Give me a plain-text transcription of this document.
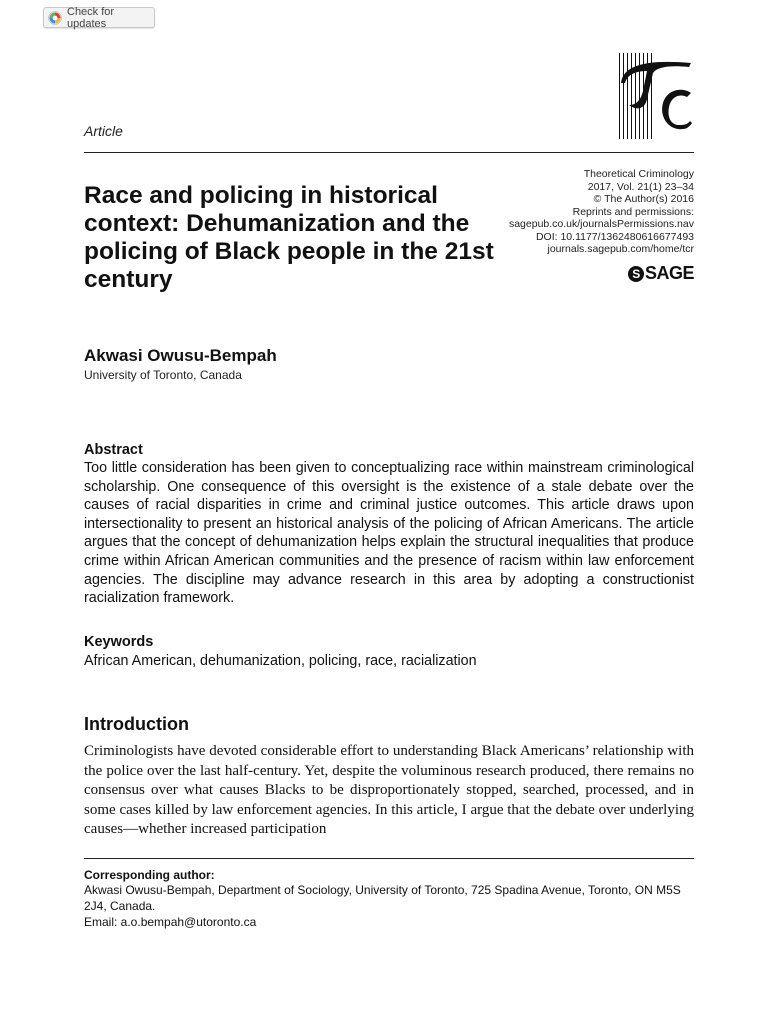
Check for updates
Article
Race and policing in historical context: Dehumanization and the policing of Black people in the 21st century
Theoretical Criminology
2017, Vol. 21(1) 23–34
© The Author(s) 2016
Reprints and permissions:
sagepub.co.uk/journalsPermissions.nav
DOI: 10.1177/1362480616677493
journals.sagepub.com/home/tcr
S SAGE
Akwasi Owusu-Bempah
University of Toronto, Canada
Abstract

Too little consideration has been given to conceptualizing race within mainstream criminological scholarship. One consequence of this oversight is the existence of a stale debate over the causes of racial disparities in crime and criminal justice outcomes. This article draws upon intersectionality to present an historical analysis of the policing of African Americans. The article argues that the concept of dehumanization helps explain the structural inequalities that produce crime within African American communities and the presence of racism within law enforcement agencies. The discipline may advance research in this area by adopting a constructionist racialization framework.

Keywords
African American, dehumanization, policing, race, racialization
Introduction

Criminologists have devoted considerable effort to understanding Black Americans’ relationship with the police over the last half-century. Yet, despite the voluminous research produced, there remains no consensus over what causes Blacks to be disproportionately stopped, searched, processed, and in some cases killed by law enforcement agencies. In this article, I argue that the debate over underlying causes—whether increased participation

Corresponding author:

Akwasi Owusu-Bempah, Department of Sociology, University of Toronto, 725 Spadina Avenue, Toronto, ON M5S 2J4, Canada.

Email: a.o.bempah@utoronto.ca
